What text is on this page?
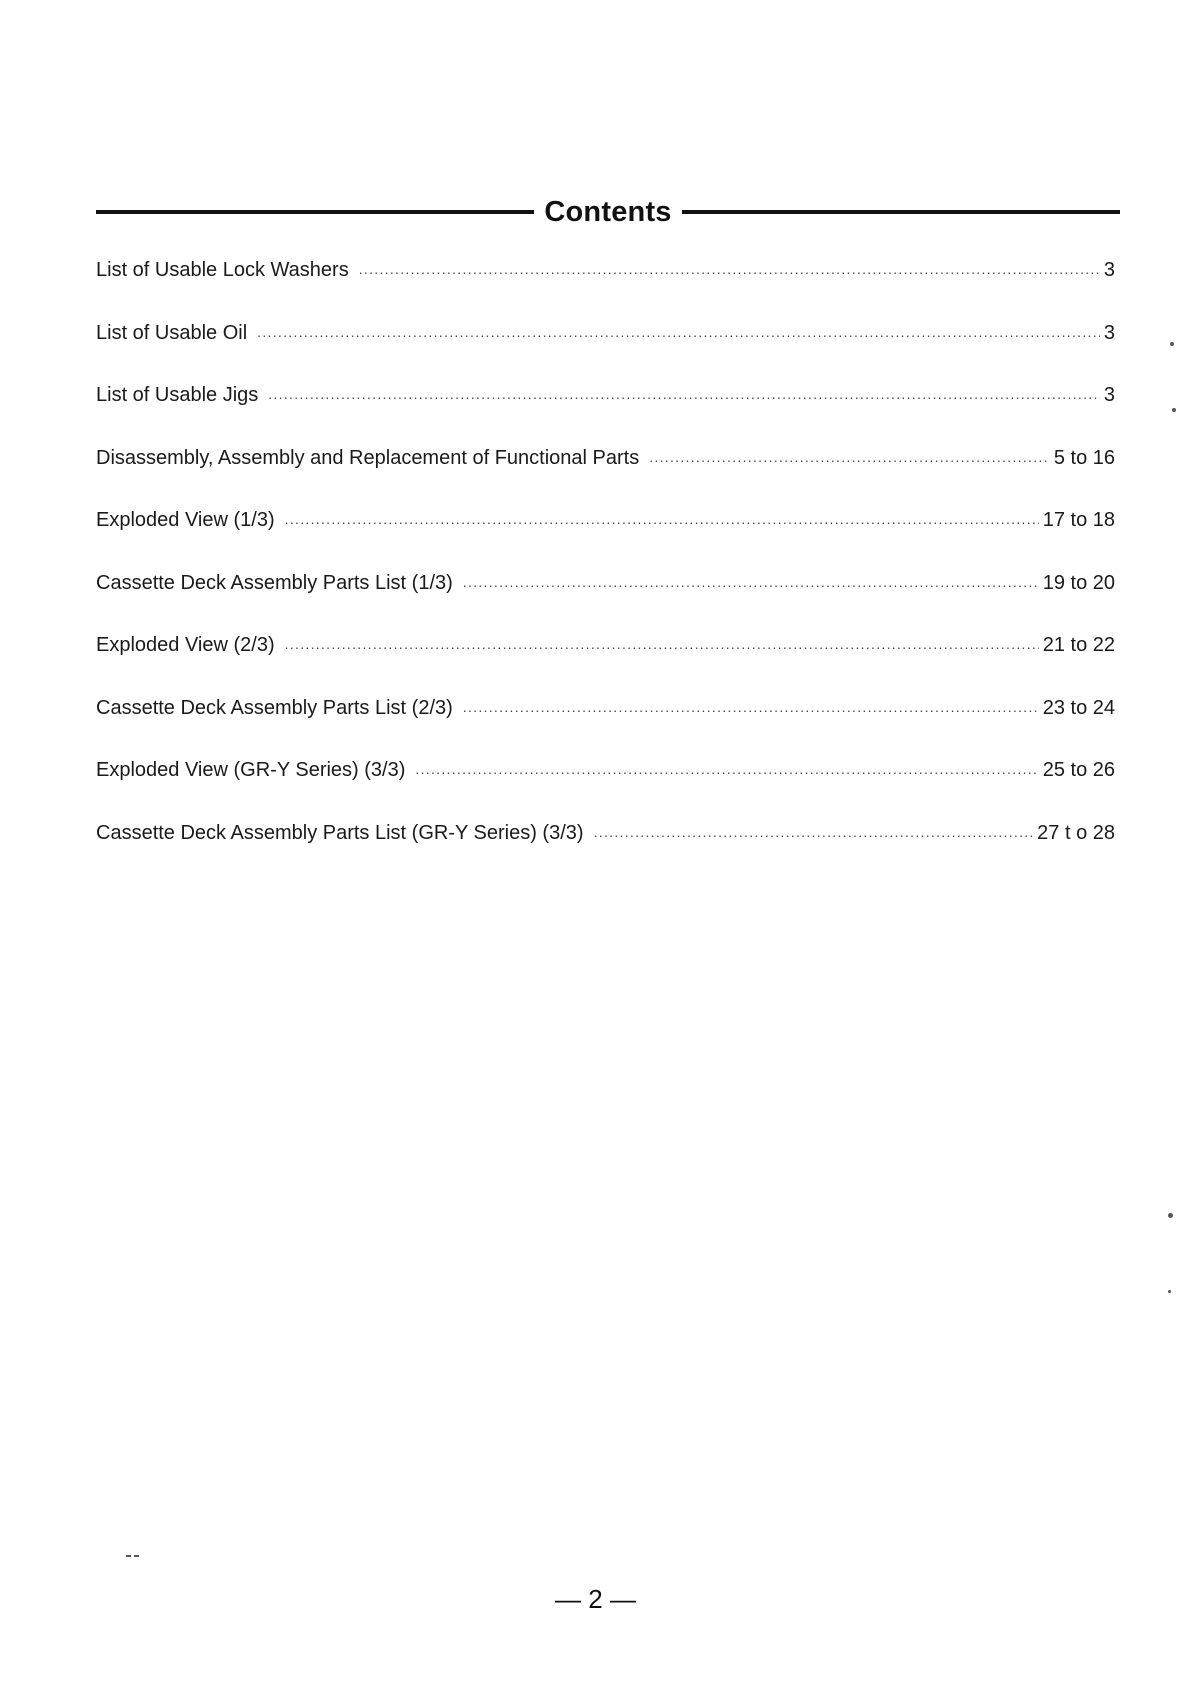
Contents
List of Usable Lock Washers .....	3
List of Usable Oil .....	3
List of Usable Jigs .....	3
Disassembly, Assembly and Replacement of Functional Parts .....	5 to 16
Exploded View (1/3) .....	17 to 18
Cassette Deck Assembly Parts List (1/3) .....	19 to 20
Exploded View (2/3) .....	21 to 22
Cassette Deck Assembly Parts List (2/3) .....	23 to 24
Exploded View (GR-Y Series) (3/3) .....	25 to 26
Cassette Deck Assembly Parts List (GR-Y Series) (3/3) .....	27 t o 28
— 2 —
